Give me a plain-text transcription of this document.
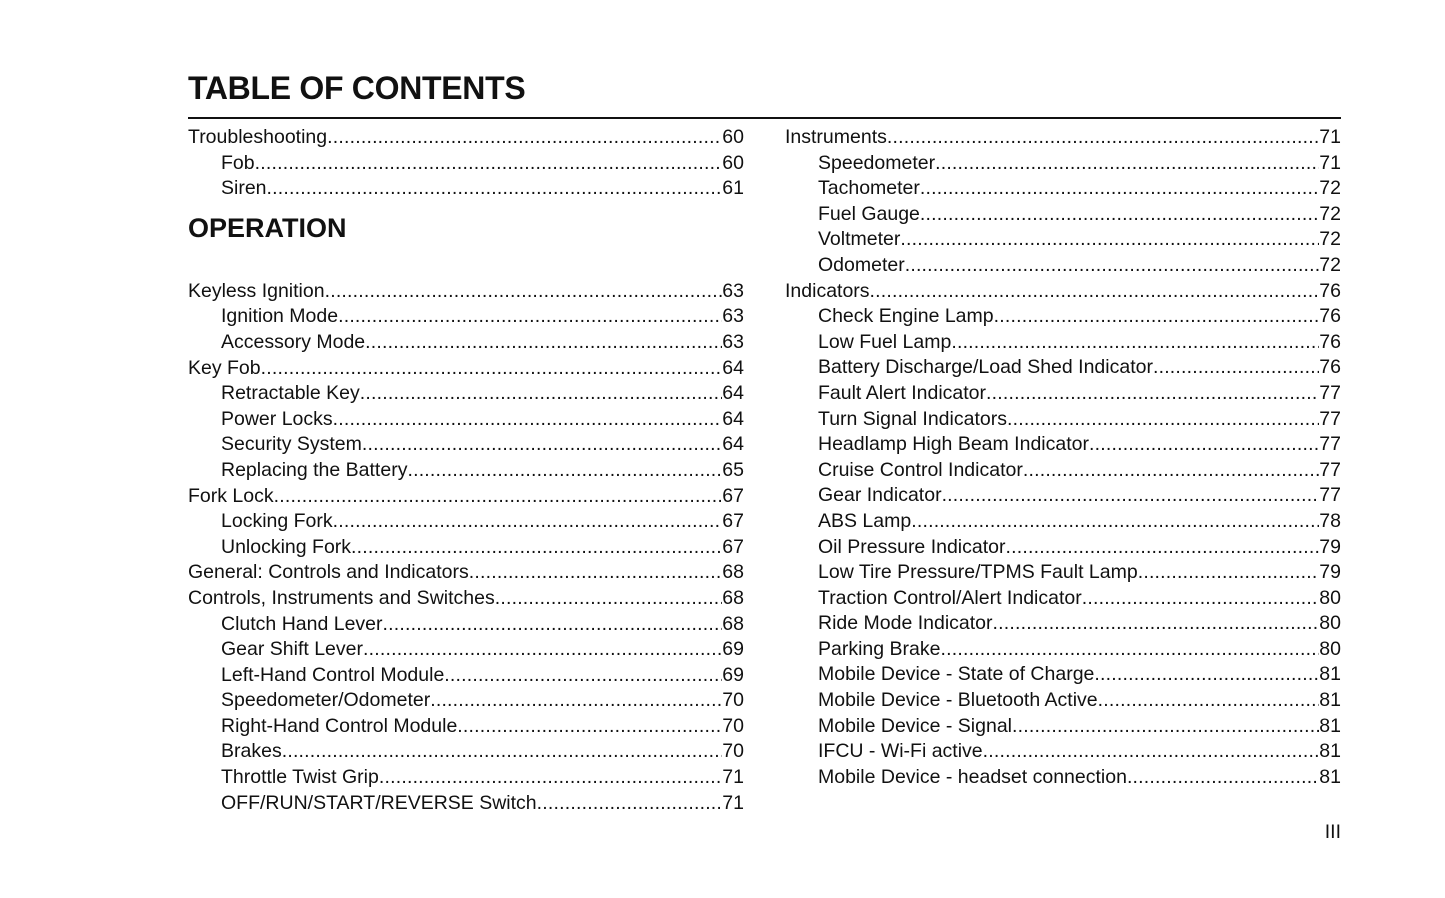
TABLE OF CONTENTS
Troubleshooting .....	60
Fob .....	60
Siren .....	61
OPERATION
Keyless Ignition .....	63
Ignition Mode .....	63
Accessory Mode .....	63
Key Fob .....	64
Retractable Key .....	64
Power Locks .....	64
Security System .....	64
Replacing the Battery .....	65
Fork Lock .....	67
Locking Fork .....	67
Unlocking Fork .....	67
General: Controls and Indicators .....	68
Controls, Instruments and Switches .....	68
Clutch Hand Lever .....	68
Gear Shift Lever .....	69
Left-Hand Control Module .....	69
Speedometer/Odometer .....	70
Right-Hand Control Module .....	70
Brakes .....	70
Throttle Twist Grip .....	71
OFF/RUN/START/REVERSE Switch .....	71
Instruments .....	71
Speedometer .....	71
Tachometer .....	72
Fuel Gauge .....	72
Voltmeter .....	72
Odometer .....	72
Indicators .....	76
Check Engine Lamp .....	76
Low Fuel Lamp .....	76
Battery Discharge/Load Shed Indicator .....	76
Fault Alert Indicator .....	77
Turn Signal Indicators .....	77
Headlamp High Beam Indicator .....	77
Cruise Control Indicator .....	77
Gear Indicator .....	77
ABS Lamp .....	78
Oil Pressure Indicator .....	79
Low Tire Pressure/TPMS Fault Lamp .....	79
Traction Control/Alert Indicator .....	80
Ride Mode Indicator .....	80
Parking Brake .....	80
Mobile Device - State of Charge .....	81
Mobile Device - Bluetooth Active .....	81
Mobile Device - Signal .....	81
IFCU - Wi-Fi active .....	81
Mobile Device - headset connection .....	81
III
